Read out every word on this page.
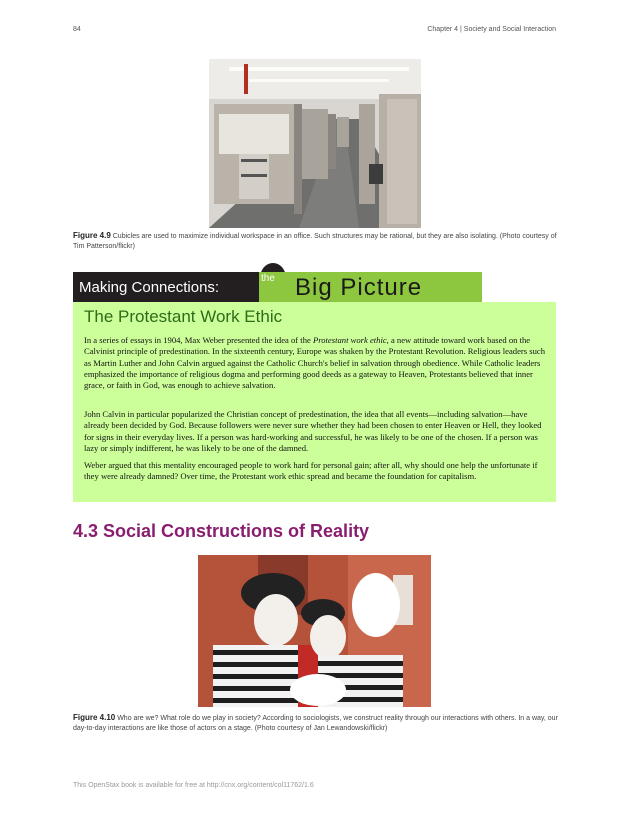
84	Chapter 4 | Society and Social Interaction
Figure 4.9 Cubicles are used to maximize individual workspace in an office. Such structures may be rational, but they are also isolating. (Photo courtesy of Tim Patterson/flickr)
Making Connections:	Big Picture
the
The Protestant Work Ethic

In a series of essays in 1904, Max Weber presented the idea of the Protestant work ethic, a new attitude toward work based on the Calvinist principle of predestination. In the sixteenth century, Europe was shaken by the Protestant Revolution. Religious leaders such as Martin Luther and John Calvin argued against the Catholic Church's belief in salvation through obedience. While Catholic leaders emphasized the importance of religious dogma and performing good deeds as a gateway to Heaven, Protestants believed that inner grace, or faith in God, was enough to achieve salvation.

John Calvin in particular popularized the Christian concept of predestination, the idea that all events—including salvation—have already been decided by God. Because followers were never sure whether they had been chosen to enter Heaven or Hell, they looked for signs in their everyday lives. If a person was hard-working and successful, he was likely to be one of the chosen. If a person was lazy or simply indifferent, he was likely to be one of the damned.

Weber argued that this mentality encouraged people to work hard for personal gain; after all, why should one help the unfortunate if they were already damned? Over time, the Protestant work ethic spread and became the foundation for capitalism.

4.3 Social Constructions of Reality
Figure 4.10 Who are we? What role do we play in society? According to sociologists, we construct reality through our interactions with others. In a way, our day-to-day interactions are like those of actors on a stage. (Photo courtesy of Jan Lewandowski/flickr)
This OpenStax book is available for free at http://cnx.org/content/col11762/1.6
